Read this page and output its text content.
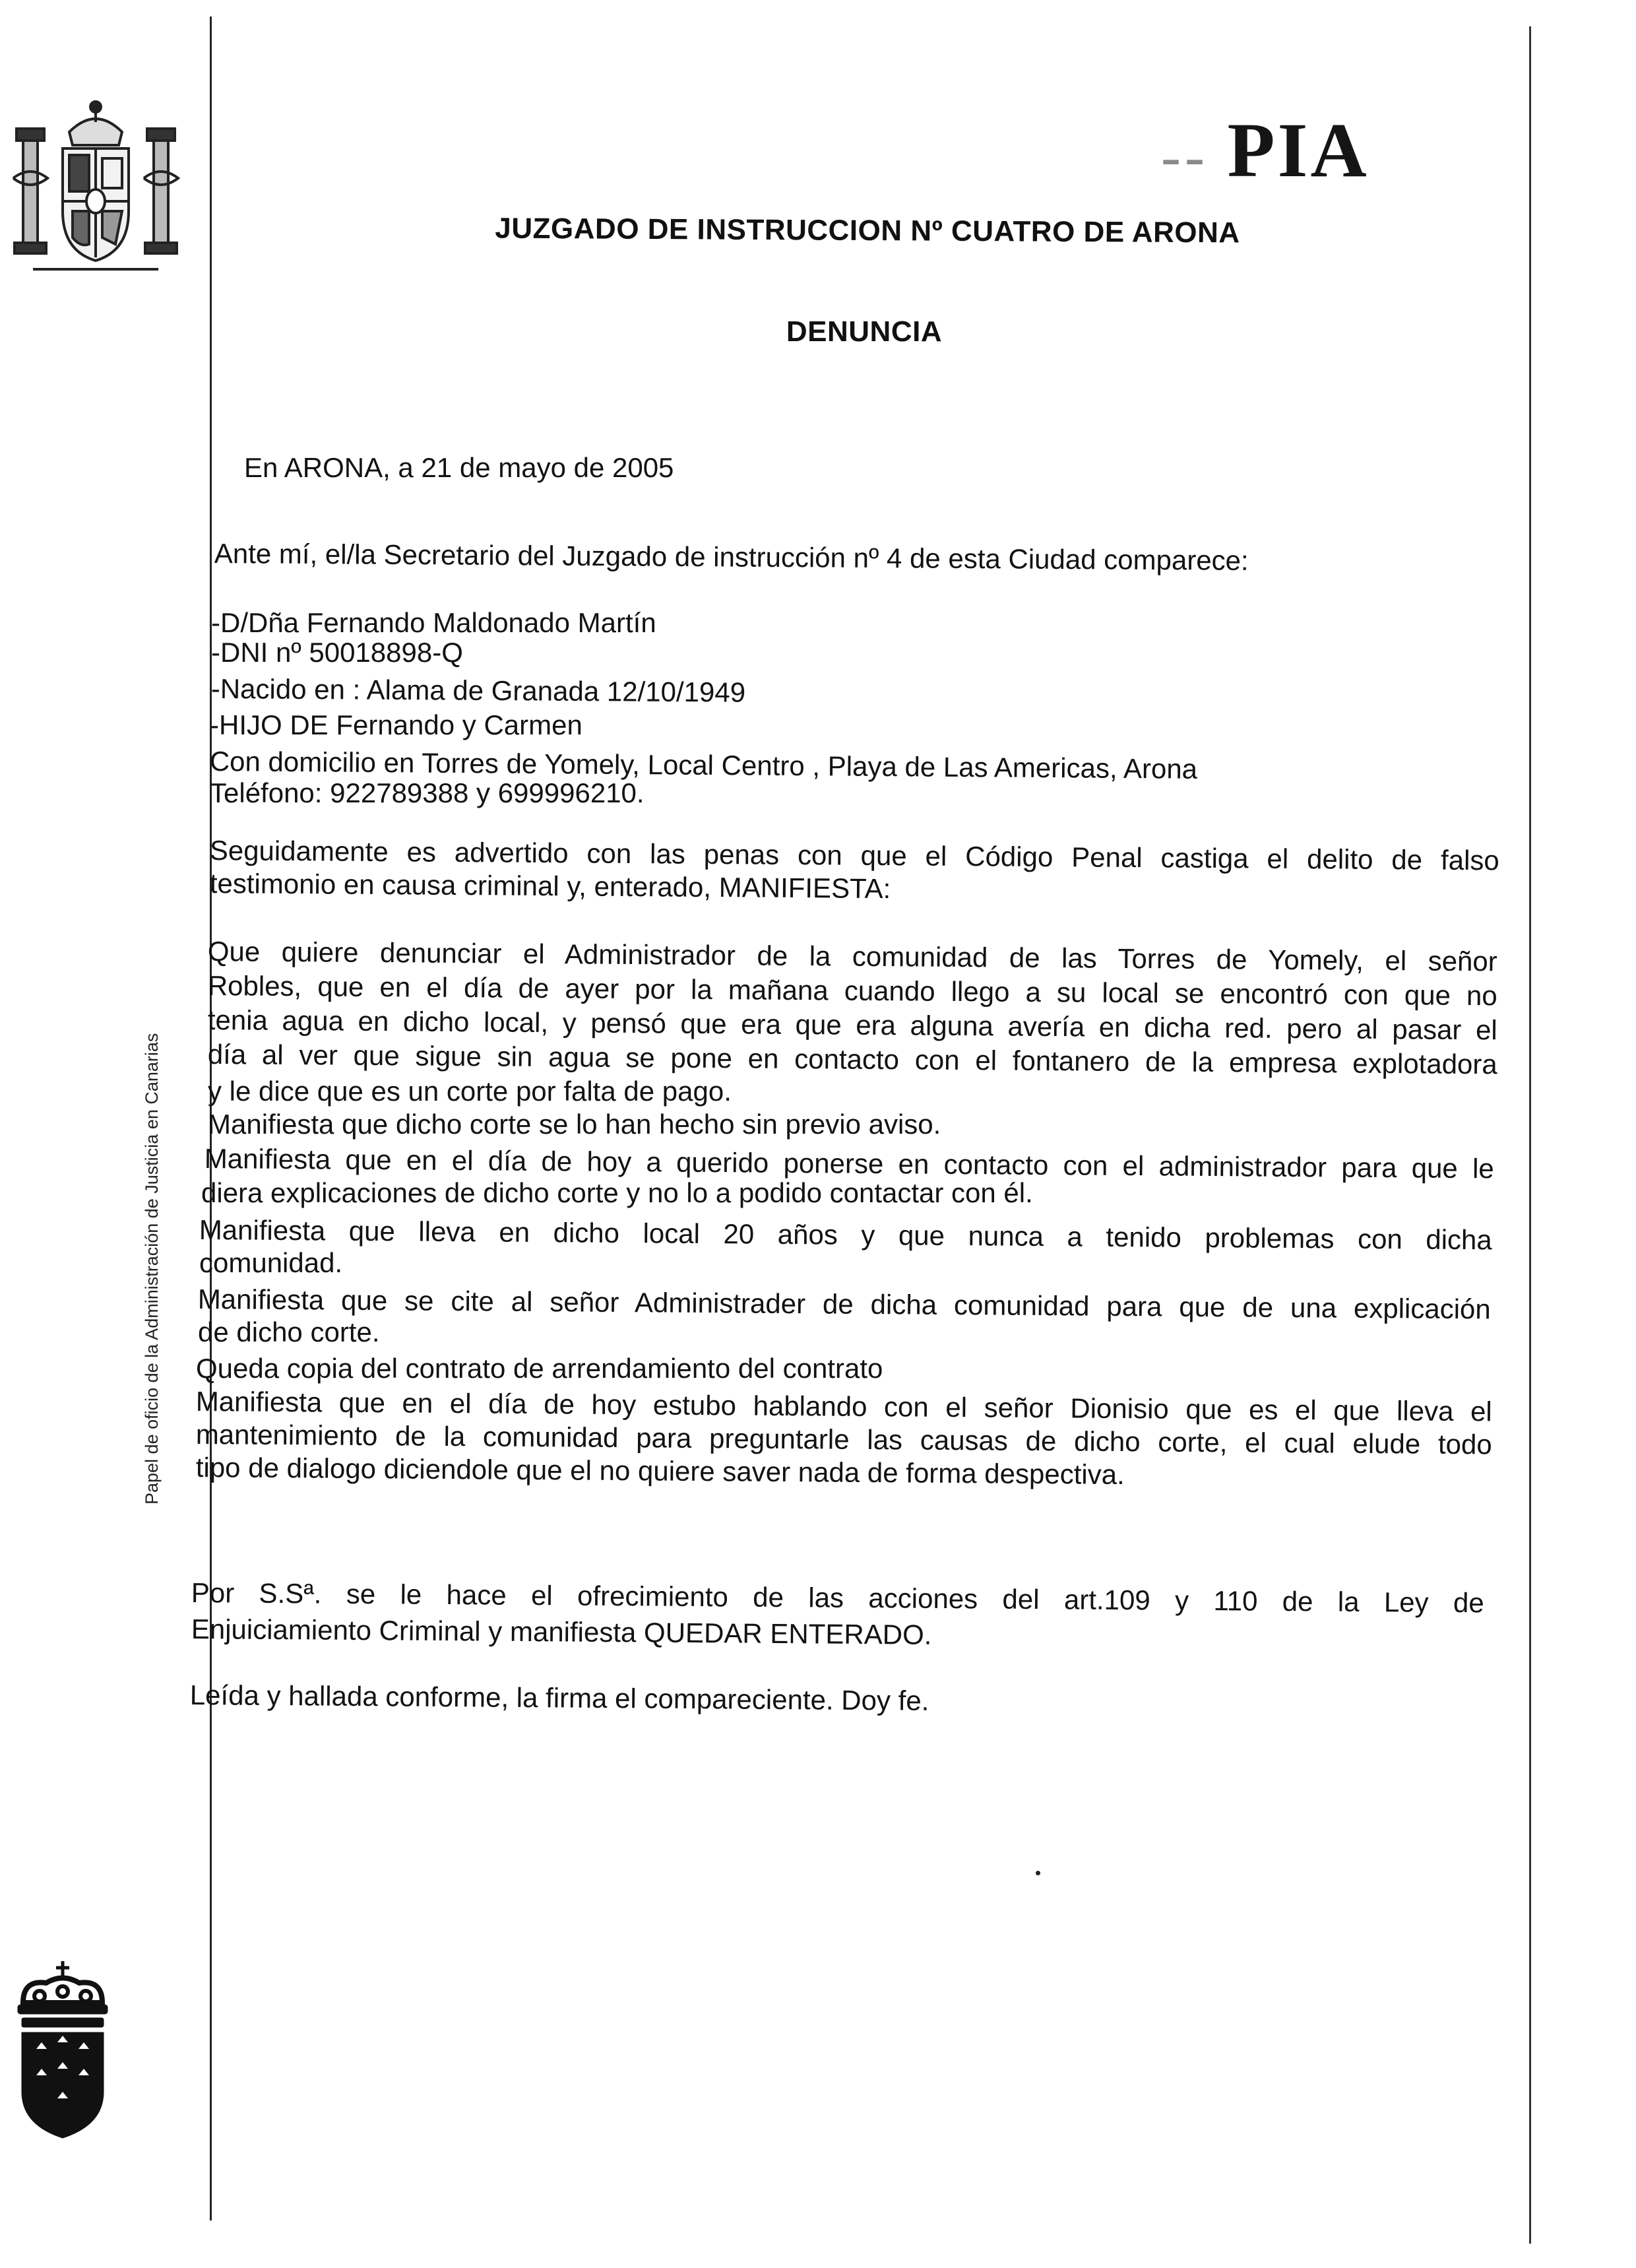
-- PIA
JUZGADO DE INSTRUCCION Nº CUATRO DE ARONA
DENUNCIA
Papel de oficio de la Administración de Justicia en Canarias
En ARONA, a 21 de mayo de 2005
Ante mí, el/la Secretario del Juzgado de instrucción nº 4 de esta Ciudad comparece:
-D/Dña Fernando Maldonado Martín
-DNI nº 50018898-Q
-Nacido en : Alama de Granada 12/10/1949
-HIJO DE Fernando y Carmen
Con domicilio en Torres de Yomely, Local Centro , Playa de Las Americas, Arona
Teléfono: 922789388 y 699996210.
Seguidamente es advertido con las penas con que el Código Penal castiga el delito de falso
testimonio en causa criminal y, enterado, MANIFIESTA:
Que quiere denunciar el Administrador de la comunidad de las Torres de Yomely, el señor
Robles, que en el día de ayer por la mañana cuando llego a su local se encontró con que no
tenia agua en dicho local, y pensó que era que era alguna avería en dicha red. pero al pasar el
día al ver que sigue sin agua se pone en contacto con el fontanero de la empresa explotadora
y le dice que es un corte por falta de pago.
Manifiesta que dicho corte se lo han hecho sin previo aviso.
Manifiesta que en el día de hoy a querido ponerse en contacto con el administrador para que le
diera explicaciones de dicho corte y no lo a podido contactar con él.
Manifiesta que lleva en dicho local 20 años y que nunca a tenido problemas con dicha
comunidad.
Manifiesta que se cite al señor Administrader de dicha comunidad para que de una explicación
de dicho corte.
Queda copia del contrato de arrendamiento del contrato
Manifiesta que en el día de hoy estubo hablando con el señor Dionisio que es el que lleva el
mantenimiento de la comunidad para preguntarle las causas de dicho corte, el cual elude todo
tipo de dialogo diciendole que el no quiere saver nada de forma despectiva.
Por S.Sª. se le hace el ofrecimiento de las acciones del art.109 y 110 de la Ley de
Enjuiciamiento Criminal y manifiesta QUEDAR ENTERADO.
Leída y hallada conforme, la firma el compareciente. Doy fe.
